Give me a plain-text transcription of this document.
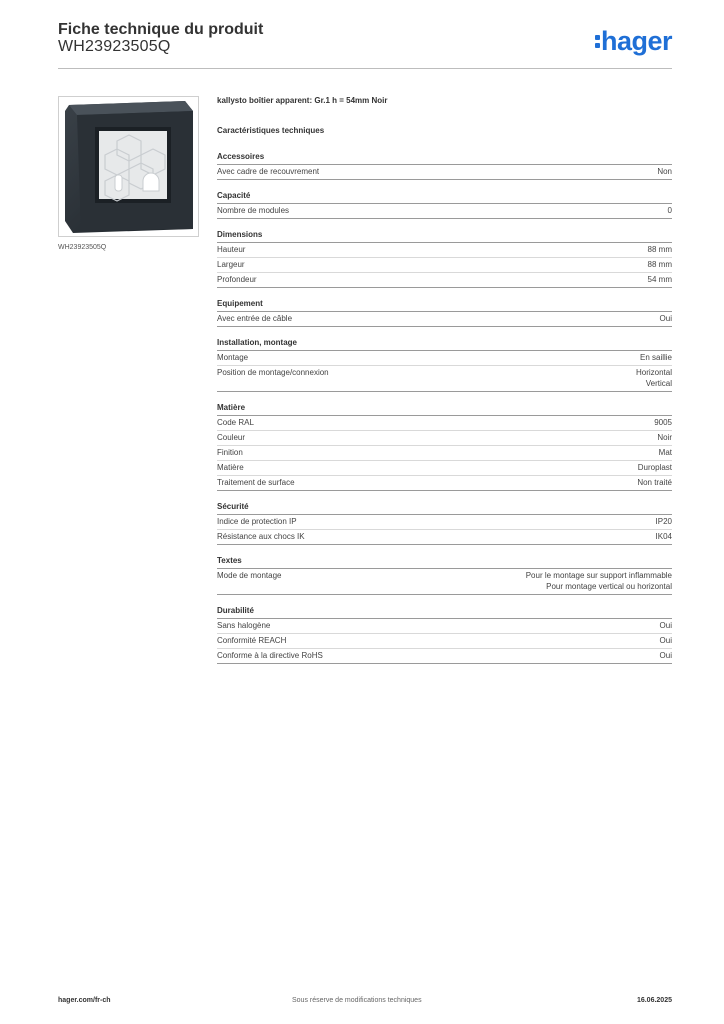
Fiche technique du produit
WH23923505Q	hager
WH23923505Q
kallysto boîtier apparent: Gr.1 h = 54mm Noir
Caractéristiques techniques
Accessoires
Avec cadre de recouvrement	Non
Capacité
Nombre de modules	0
Dimensions
Hauteur	88 mm
Largeur	88 mm
Profondeur	54 mm
Equipement
Avec entrée de câble	Oui
Installation, montage
Montage	En saillie
Position de montage/connexion	Horizontal
Vertical
Matière
Code RAL	9005
Couleur	Noir
Finition	Mat
Matière	Duroplast
Traitement de surface	Non traité
Sécurité
Indice de protection IP	IP20
Résistance aux chocs IK	IK04
Textes
Mode de montage	Pour le montage sur support inflammable
Pour montage vertical ou horizontal
Durabilité
Sans halogène	Oui
Conformité REACH	Oui
Conforme à la directive RoHS	Oui
hager.com/fr-ch	Sous réserve de modifications techniques	16.06.2025
